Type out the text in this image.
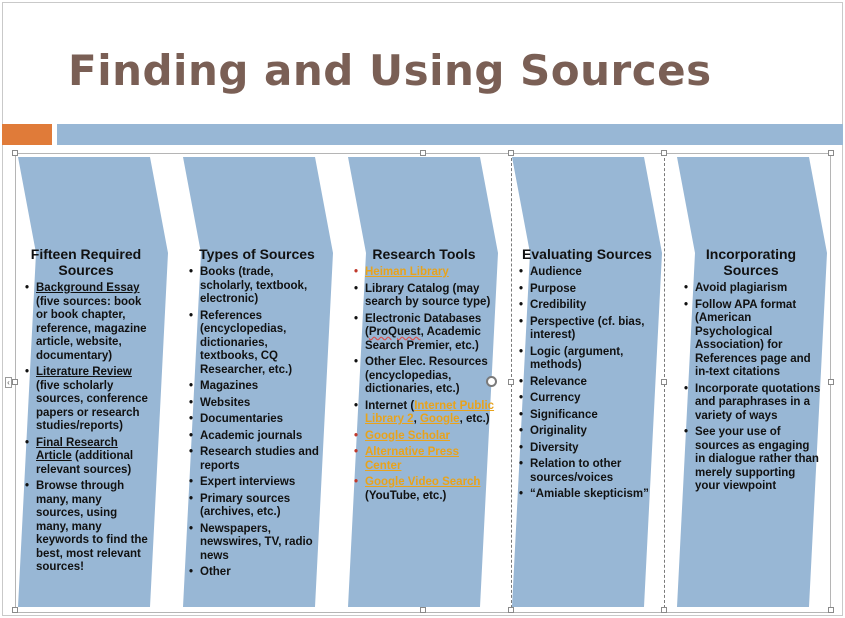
Finding and Using Sources
‹
Fifteen Required Sources
• Background Essay (five sources: book or book chapter, reference, magazine article, website, documentary)
• Literature Review (five scholarly sources, conference papers or research studies/reports)
• Final Research Article (additional relevant sources)
• Browse through many, many sources, using many, many keywords to find the best, most relevant sources!
Types of Sources
• Books (trade, scholarly, textbook, electronic)
• References (encyclopedias, dictionaries, textbooks, CQ Researcher, etc.)
• Magazines
• Websites
• Documentaries
• Academic journals
• Research studies and reports
• Expert interviews
• Primary sources (archives, etc.)
• Newspapers, newswires, TV, radio news
• Other
Research Tools
• Heiman Library
• Library Catalog (may search by source type)
• Electronic Databases (ProQuest, Academic Search Premier, etc.)
• Other Elec. Resources (encyclopedias, dictionaries, etc.)
• Internet (Internet Public Library 2, Google, etc.)
• Google Scholar
• Alternative Press Center
• Google Video Search (YouTube, etc.)
Evaluating Sources
• Audience
• Purpose
• Credibility
• Perspective (cf. bias, interest)
• Logic (argument, methods)
• Relevance
• Currency
• Significance
• Originality
• Diversity
• Relation to other sources/voices
• “Amiable skepticism”
Incorporating Sources
• Avoid plagiarism
• Follow APA format (American Psychological Association) for References page and in-text citations
• Incorporate quotations and paraphrases in a variety of ways
• See your use of sources as engaging in dialogue rather than merely supporting your viewpoint
